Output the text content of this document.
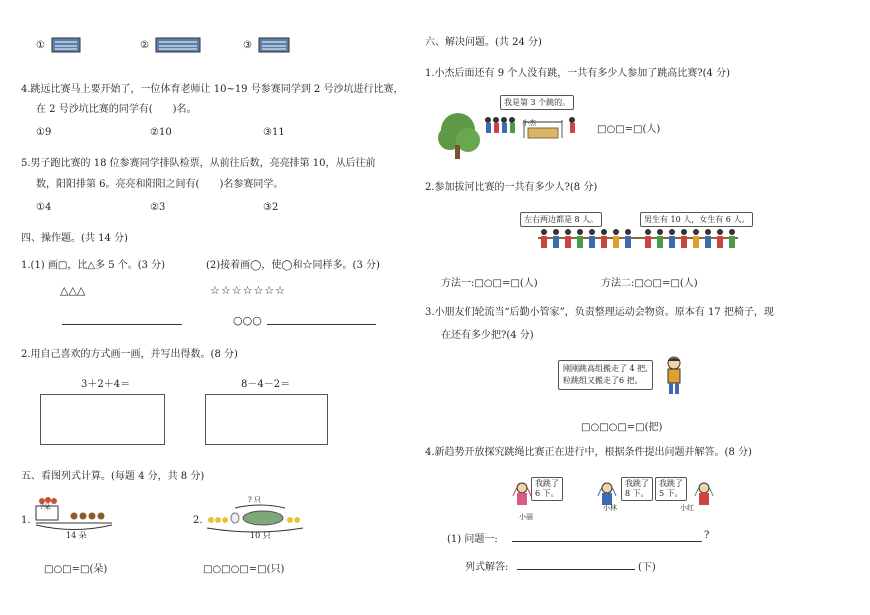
①	②	③
4.跳远比赛马上要开始了，一位体育老师让 10~19 号参赛同学到 2 号沙坑进行比赛，
在 2 号沙坑比赛的同学有(　　)名。
①9	②10	③11
5.男子跑比赛的 18 位参赛同学排队检票，从前往后数，亮亮排第 10，从后往前
数，阳阳排第 6。亮亮和阳阳之间有(　　)名参赛同学。
①4	②3	③2
四、操作题。(共 14 分)
1.(1) 画□，比△多 5 个。(3 分)	(2)接着画◯，使◯和☆同样多。(3 分)
△△△	☆☆☆☆☆☆☆
○○○
2.用自己喜欢的方式画一画，并写出得数。(8 分)
3＋2＋4＝	8－4－2＝
五、看图列式计算。(每题 4 分，共 8 分)
1.
?朵
14 朵
□○□=□(朵)
2.
? 只
10 只
□○□○□=□(只)
六、解决问题。(共 24 分)
1.小杰后面还有 9 个人没有跳，一共有多少人参加了跳高比赛?(4 分)
我是第 3 个跳的。
小杰
□○□=□(人)
2.参加拔河比赛的一共有多少人?(8 分)
左右两边都是 8 人。	男生有 10 人，女生有 6 人。
方法一:□○□=□(人)	方法二:□○□=□(人)
3.小朋友们轮流当“后勤小管家”，负责整理运动会物资。原本有 17 把椅子，现
在还有多少把?(4 分)
刚刚跳高组搬走了 4 把,
粒跳组又搬走了6 把。
□○□○□=□(把)
4.新趋势开放探究跳绳比赛正在进行中，根据条件提出问题并解答。(8 分)
我跳了
6 下。
小丽
我跳了
8 下。
小林
我跳了
5 下。
小红
(1) 问题一:	?
列式解答:	(下)
